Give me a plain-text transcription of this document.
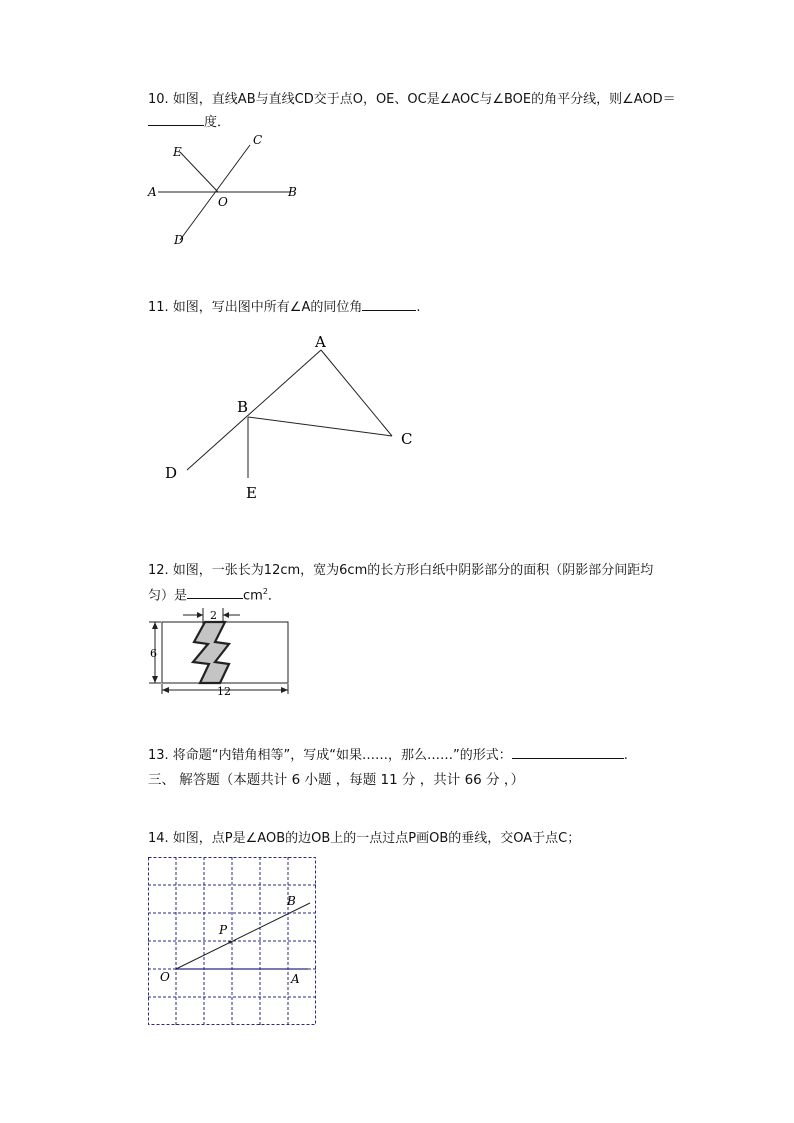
10. 如图，直线AB与直线CD交于点O，OE、OC是∠AOC与∠BOE的角平分线，则∠AOD＝
度．
A	B
C
E
O
D
11. 如图，写出图中所有∠A的同位角	.
A
B
C
D
E
12. 如图，一张长为12cm，宽为6cm的长方形白纸中阴影部分的面积（阴影部分间距均
匀）是	$cm^2$．
2
6
12
13. 将命题“内错角相等”，写成“如果……，那么……”的形式：	.
三、 解答题（本题共计 6 小题 ，每题 11 分 ，共计 66 分 ，）
14. 如图，点P是∠AOB的边OB上的一点过点P画OB的垂线，交OA于点C；
O	A
B
P
